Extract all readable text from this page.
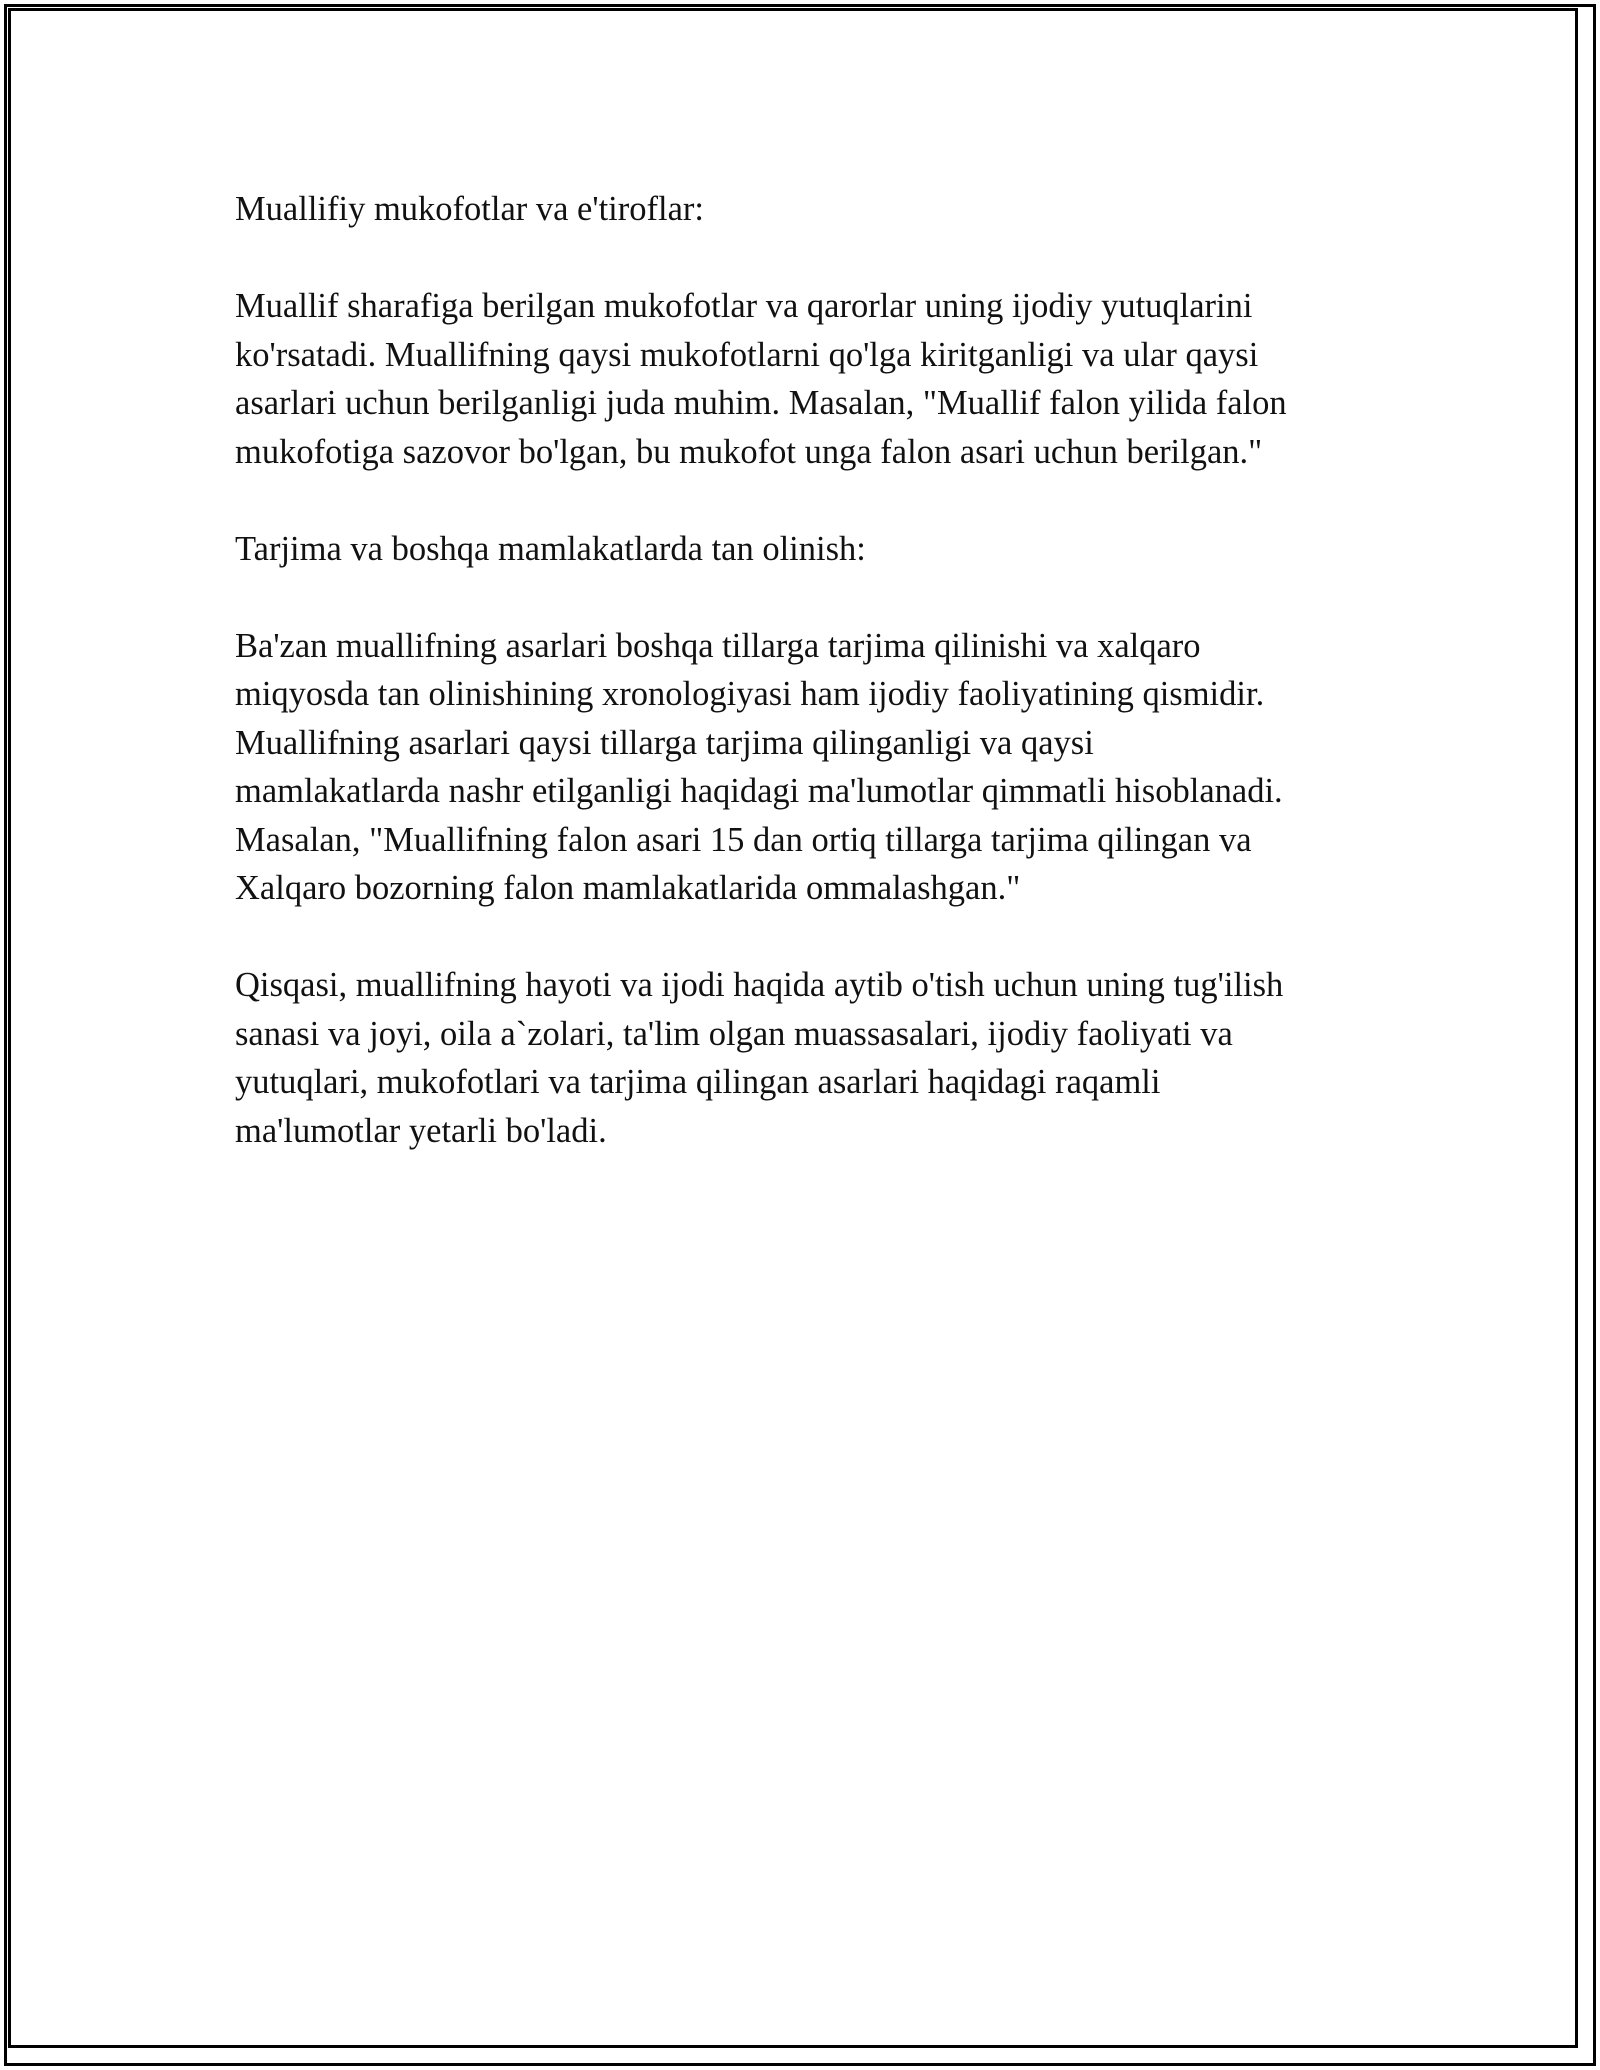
Muallifiy mukofotlar va e'tiroflar:

Muallif sharafiga berilgan mukofotlar va qarorlar uning ijodiy yutuqlarini
ko'rsatadi. Muallifning qaysi mukofotlarni qo'lga kiritganligi va ular qaysi
asarlari uchun berilganligi juda muhim. Masalan, "Muallif falon yilida falon
mukofotiga sazovor bo'lgan, bu mukofot unga falon asari uchun berilgan."

Tarjima va boshqa mamlakatlarda tan olinish:

Ba'zan muallifning asarlari boshqa tillarga tarjima qilinishi va xalqaro
miqyosda tan olinishining xronologiyasi ham ijodiy faoliyatining qismidir.
Muallifning asarlari qaysi tillarga tarjima qilinganligi va qaysi
mamlakatlarda nashr etilganligi haqidagi ma'lumotlar qimmatli hisoblanadi.
Masalan, "Muallifning falon asari 15 dan ortiq tillarga tarjima qilingan va
Xalqaro bozorning falon mamlakatlarida ommalashgan."

Qisqasi, muallifning hayoti va ijodi haqida aytib o'tish uchun uning tug'ilish
sanasi va joyi, oila a`zolari, ta'lim olgan muassasalari, ijodiy faoliyati va
yutuqlari, mukofotlari va tarjima qilingan asarlari haqidagi raqamli
ma'lumotlar yetarli bo'ladi.
